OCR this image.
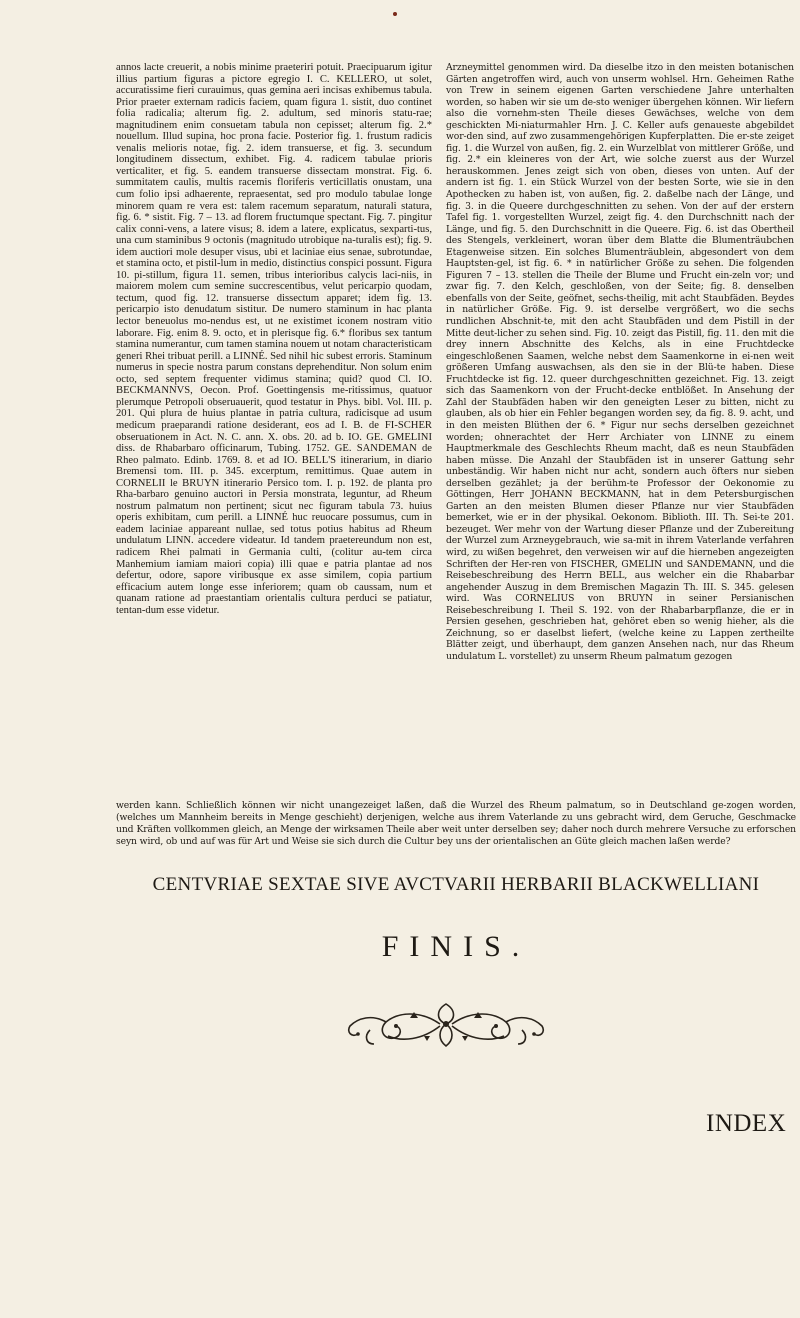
annos lacte creuerit, a nobis minime praeteriri potuit. Praecipuarum igitur illius partium figuras a pictore egregio I. C. KELLERO, ut solet, accuratissime fieri curauimus, quas gemina aeri incisas exhibemus tabula. Prior praeter externam radicis faciem, quam figura 1. sistit, duo continet folia radicalia; alterum fig. 2. adultum, sed minoris statu-rae; magnitudinem enim consuetam tabula non cepisset; alterum fig. 2.* nouellum. Illud supina, hoc prona facie. Posterior fig. 1. frustum radicis venalis melioris notae, fig. 2. idem transuerse, et fig. 3. secundum longitudinem dissectum, exhibet. Fig. 4. radicem tabulae prioris verticaliter, et fig. 5. eandem transuerse dissectam monstrat. Fig. 6. summitatem caulis, multis racemis floriferis verticillatis onustam, una cum folio ipsi adhaerente, repraesentat, sed pro modulo tabulae longe minorem quam re vera est: talem racemum separatum, naturali statura, fig. 6. * sistit. Fig. 7 – 13. ad florem fructumque spectant. Fig. 7. pingitur calix conni-vens, a latere visus; 8. idem a latere, explicatus, sexparti-tus, una cum staminibus 9 octonis (magnitudo utrobique na-turalis est); fig. 9. idem auctiori mole desuper visus, ubi et laciniae eius senae, subrotundae, et stamina octo, et pistil-lum in medio, distinctius conspici possunt. Figura 10. pi-stillum, figura 11. semen, tribus interioribus calycis laci-niis, in maiorem molem cum semine succrescentibus, velut pericarpio quodam, tectum, quod fig. 12. transuerse dissectum apparet; idem fig. 13. pericarpio isto denudatum sistitur. De numero staminum in hac planta lector beneuolus mo-nendus est, ut ne existimet iconem nostram vitio laborare. Fig. enim 8. 9. octo, et in plerisque fig. 6.* floribus sex tantum stamina numerantur, cum tamen stamina nouem ut notam characteristicam generi Rhei tribuat perill. a LINNÉ. Sed nihil hic subest erroris. Staminum numerus in specie nostra parum constans deprehenditur. Non solum enim octo, sed septem frequenter vidimus stamina; quid? quod Cl. IO. BECKMANNVS, Oecon. Prof. Goettingensis me-ritissimus, quatuor plerumque Petropoli obseruauerit, quod testatur in Phys. bibl. Vol. III. p. 201. Qui plura de huius plantae in patria cultura, radicisque ad usum medicum praeparandi ratione desiderant, eos ad I. B. de FI-SCHER obseruationem in Act. N. C. ann. X. obs. 20. ad b. IO. GE. GMELINI diss. de Rhabarbaro officinarum, Tubing. 1752. GE. SANDEMAN de Rheo palmato. Edinb. 1769. 8. et ad IO. BELL'S itinerarium, in diario Bremensi tom. III. p. 345. excerptum, remittimus. Quae autem in CORNELII le BRUYN itinerario Persico tom. I. p. 192. de planta pro Rha-barbaro genuino auctori in Persia monstrata, leguntur, ad Rheum nostrum palmatum non pertinent; sicut nec figuram tabula 73. huius operis exhibitam, cum perill. a LINNÉ huc reuocare possumus, cum in eadem laciniae appareant nullae, sed totus potius habitus ad Rheum undulatum LINN. accedere videatur. Id tandem praetereundum non est, radicem Rhei palmati in Germania culti, (colitur au-tem circa Manhemium iamiam maiori copia) illi quae e patria plantae ad nos defertur, odore, sapore viribusque ex asse similem, copia partium efficacium autem longe esse inferiorem; quam ob caussam, num et quanam ratione ad praestantiam orientalis cultura perduci se patiatur, tentan-dum esse videtur.

Arzneymittel genommen wird. Da dieselbe itzo in den meisten botanischen Gärten angetroffen wird, auch von unserm wohlsel. Hrn. Geheimen Rathe von Trew in seinem eigenen Garten verschiedene Jahre unterhalten worden, so haben wir sie um de-sto weniger übergehen können. Wir liefern also die vornehm-sten Theile dieses Gewächses, welche von dem geschickten Mi-niaturmahler Hrn. J. C. Keller aufs genaueste abgebildet wor-den sind, auf zwo zusammengehörigen Kupferplatten. Die er-ste zeiget fig. 1. die Wurzel von außen, fig. 2. ein Wurzelblat von mittlerer Größe, und fig. 2.* ein kleineres von der Art, wie solche zuerst aus der Wurzel herauskommen. Jenes zeigt sich von oben, dieses von unten. Auf der andern ist fig. 1. ein Stück Wurzel von der besten Sorte, wie sie in den Apothecken zu haben ist, von außen, fig. 2. daßelbe nach der Länge, und fig. 3. in die Queere durchgeschnitten zu sehen. Von der auf der erstern Tafel fig. 1. vorgestellten Wurzel, zeigt fig. 4. den Durchschnitt nach der Länge, und fig. 5. den Durchschnitt in die Queere. Fig. 6. ist das Obertheil des Stengels, verkleinert, woran über dem Blatte die Blumenträubchen Etagenweise sitzen. Ein solches Blumenträublein, abgesondert von dem Hauptsten-gel, ist fig. 6. * in natürlicher Größe zu sehen. Die folgenden Figuren 7 – 13. stellen die Theile der Blume und Frucht ein-zeln vor; und zwar fig. 7. den Kelch, geschloßen, von der Seite; fig. 8. denselben ebenfalls von der Seite, geöfnet, sechs-theilig, mit acht Staubfäden. Beydes in natürlicher Größe. Fig. 9. ist derselbe vergrößert, wo die sechs rundlichen Abschnit-te, mit den acht Staubfäden und dem Pistill in der Mitte deut-licher zu sehen sind. Fig. 10. zeigt das Pistill, fig. 11. den mit die drey innern Abschnitte des Kelchs, als in eine Fruchtdecke eingeschloßenen Saamen, welche nebst dem Saamenkorne in ei-nen weit größeren Umfang auswachsen, als den sie in der Blü-te haben. Diese Fruchtdecke ist fig. 12. queer durchgeschnitten gezeichnet. Fig. 13. zeigt sich das Saamenkorn von der Frucht-decke entblößet. In Ansehung der Zahl der Staubfäden haben wir den geneigten Leser zu bitten, nicht zu glauben, als ob hier ein Fehler begangen worden sey, da fig. 8. 9. acht, und in den meisten Blüthen der 6. * Figur nur sechs derselben gezeichnet worden; ohnerachtet der Herr Archiater von LINNE zu einem Hauptmerkmale des Geschlechts Rheum macht, daß es neun Staubfäden haben müsse. Die Anzahl der Staubfäden ist in unserer Gattung sehr unbeständig. Wir haben nicht nur acht, sondern auch öfters nur sieben derselben gezählet; ja der berühm-te Professor der Oekonomie zu Göttingen, Herr JOHANN BECKMANN, hat in dem Petersburgischen Garten an den meisten Blumen dieser Pflanze nur vier Staubfäden bemerket, wie er in der physikal. Oekonom. Biblioth. III. Th. Sei-te 201. bezeuget. Wer mehr von der Wartung dieser Pflanze und der Zubereitung der Wurzel zum Arzneygebrauch, wie sa-mit in ihrem Vaterlande verfahren wird, zu wißen begehret, den verweisen wir auf die hierneben angezeigten Schriften der Her-ren von FISCHER, GMELIN und SANDEMANN, und die Reisebeschreibung des Herrn BELL, aus welcher ein die Rhabarbar angehender Auszug in dem Bremischen Magazin Th. III. S. 345. gelesen wird. Was CORNELIUS von BRUYN in seiner Persianischen Reisebeschreibung I. Theil S. 192. von der Rhabarbarpflanze, die er in Persien gesehen, geschrieben hat, gehöret eben so wenig hieher, als die Zeichnung, so er daselbst liefert, (welche keine zu Lappen zertheilte Blätter zeigt, und überhaupt, dem ganzen Ansehen nach, nur das Rheum undulatum L. vorstellet) zu unserm Rheum palmatum gezogen

werden kann. Schließlich können wir nicht unangezeiget laßen, daß die Wurzel des Rheum palmatum, so in Deutschland ge-zogen worden, (welches um Mannheim bereits in Menge geschieht) derjenigen, welche aus ihrem Vaterlande zu uns gebracht wird, dem Geruche, Geschmacke und Kräften vollkommen gleich, an Menge der wirksamen Theile aber weit unter derselben sey; daher noch durch mehrere Versuche zu erforschen seyn wird, ob und auf was für Art und Weise sie sich durch die Cultur bey uns der orientalischen an Güte gleich machen laßen werde?

CENTVRIAE SEXTAE SIVE AVCTVARII HERBARII BLACKWELLIANI
FINIS.
INDEX
